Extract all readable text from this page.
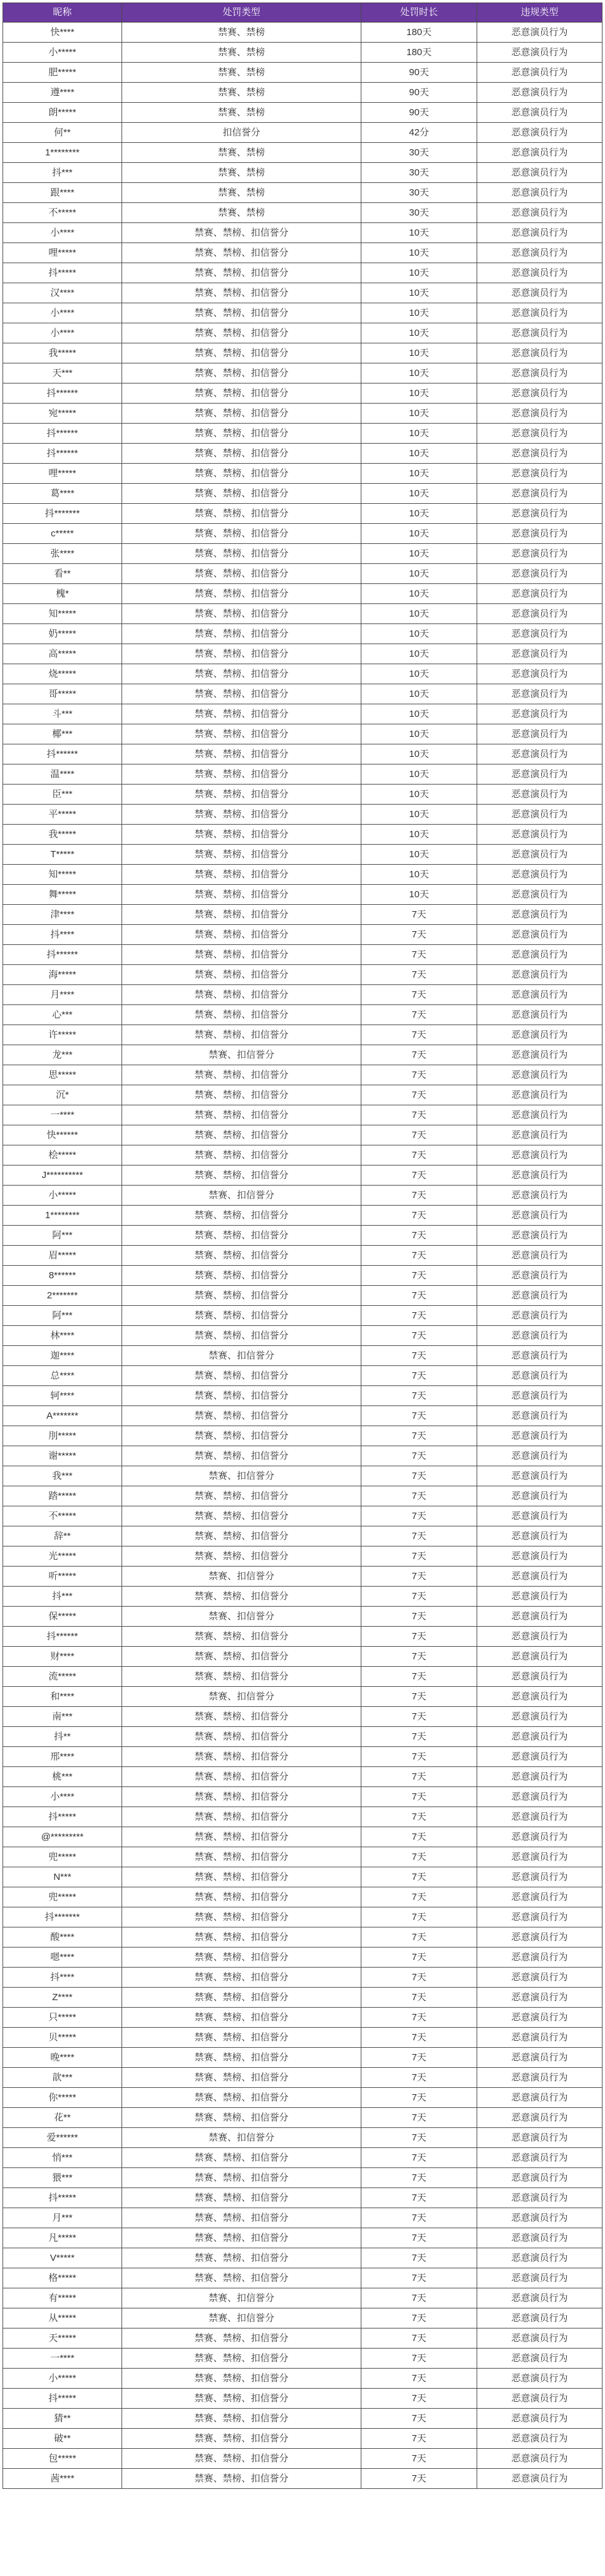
昵称	处罚类型	处罚时长	违规类型
快****	禁赛、禁榜	180天	恶意演员行为
小*****	禁赛、禁榜	180天	恶意演员行为
肥*****	禁赛、禁榜	90天	恶意演员行为
遵****	禁赛、禁榜	90天	恶意演员行为
朗*****	禁赛、禁榜	90天	恶意演员行为
何**	扣信誉分	42分	恶意演员行为
1********	禁赛、禁榜	30天	恶意演员行为
抖***	禁赛、禁榜	30天	恶意演员行为
跟****	禁赛、禁榜	30天	恶意演员行为
不*****	禁赛、禁榜	30天	恶意演员行为
小****	禁赛、禁榜、扣信誉分	10天	恶意演员行为
哩*****	禁赛、禁榜、扣信誉分	10天	恶意演员行为
抖*****	禁赛、禁榜、扣信誉分	10天	恶意演员行为
汉****	禁赛、禁榜、扣信誉分	10天	恶意演员行为
小****	禁赛、禁榜、扣信誉分	10天	恶意演员行为
小****	禁赛、禁榜、扣信誉分	10天	恶意演员行为
我*****	禁赛、禁榜、扣信誉分	10天	恶意演员行为
天***	禁赛、禁榜、扣信誉分	10天	恶意演员行为
抖******	禁赛、禁榜、扣信誉分	10天	恶意演员行为
宛*****	禁赛、禁榜、扣信誉分	10天	恶意演员行为
抖******	禁赛、禁榜、扣信誉分	10天	恶意演员行为
抖******	禁赛、禁榜、扣信誉分	10天	恶意演员行为
哩*****	禁赛、禁榜、扣信誉分	10天	恶意演员行为
葛****	禁赛、禁榜、扣信誉分	10天	恶意演员行为
抖*******	禁赛、禁榜、扣信誉分	10天	恶意演员行为
c*****	禁赛、禁榜、扣信誉分	10天	恶意演员行为
张****	禁赛、禁榜、扣信誉分	10天	恶意演员行为
看**	禁赛、禁榜、扣信誉分	10天	恶意演员行为
槐*	禁赛、禁榜、扣信誉分	10天	恶意演员行为
知*****	禁赛、禁榜、扣信誉分	10天	恶意演员行为
奶*****	禁赛、禁榜、扣信誉分	10天	恶意演员行为
高*****	禁赛、禁榜、扣信誉分	10天	恶意演员行为
烧*****	禁赛、禁榜、扣信誉分	10天	恶意演员行为
哥*****	禁赛、禁榜、扣信誉分	10天	恶意演员行为
斗***	禁赛、禁榜、扣信誉分	10天	恶意演员行为
椰***	禁赛、禁榜、扣信誉分	10天	恶意演员行为
抖******	禁赛、禁榜、扣信誉分	10天	恶意演员行为
温****	禁赛、禁榜、扣信誉分	10天	恶意演员行为
臣***	禁赛、禁榜、扣信誉分	10天	恶意演员行为
平*****	禁赛、禁榜、扣信誉分	10天	恶意演员行为
我*****	禁赛、禁榜、扣信誉分	10天	恶意演员行为
T*****	禁赛、禁榜、扣信誉分	10天	恶意演员行为
知*****	禁赛、禁榜、扣信誉分	10天	恶意演员行为
舞*****	禁赛、禁榜、扣信誉分	10天	恶意演员行为
津****	禁赛、禁榜、扣信誉分	7天	恶意演员行为
抖****	禁赛、禁榜、扣信誉分	7天	恶意演员行为
抖******	禁赛、禁榜、扣信誉分	7天	恶意演员行为
海*****	禁赛、禁榜、扣信誉分	7天	恶意演员行为
月****	禁赛、禁榜、扣信誉分	7天	恶意演员行为
心***	禁赛、禁榜、扣信誉分	7天	恶意演员行为
许*****	禁赛、禁榜、扣信誉分	7天	恶意演员行为
龙***	禁赛、扣信誉分	7天	恶意演员行为
思*****	禁赛、禁榜、扣信誉分	7天	恶意演员行为
沉*	禁赛、禁榜、扣信誉分	7天	恶意演员行为
一****	禁赛、禁榜、扣信誉分	7天	恶意演员行为
快******	禁赛、禁榜、扣信誉分	7天	恶意演员行为
桧*****	禁赛、禁榜、扣信誉分	7天	恶意演员行为
J**********	禁赛、禁榜、扣信誉分	7天	恶意演员行为
小*****	禁赛、扣信誉分	7天	恶意演员行为
1********	禁赛、禁榜、扣信誉分	7天	恶意演员行为
阿***	禁赛、禁榜、扣信誉分	7天	恶意演员行为
眉*****	禁赛、禁榜、扣信誉分	7天	恶意演员行为
8******	禁赛、禁榜、扣信誉分	7天	恶意演员行为
2*******	禁赛、禁榜、扣信誉分	7天	恶意演员行为
阿***	禁赛、禁榜、扣信誉分	7天	恶意演员行为
林****	禁赛、禁榜、扣信誉分	7天	恶意演员行为
迦****	禁赛、扣信誉分	7天	恶意演员行为
总****	禁赛、禁榜、扣信誉分	7天	恶意演员行为
轲****	禁赛、禁榜、扣信誉分	7天	恶意演员行为
A*******	禁赛、禁榜、扣信誉分	7天	恶意演员行为
刖*****	禁赛、禁榜、扣信誉分	7天	恶意演员行为
谢*****	禁赛、禁榜、扣信誉分	7天	恶意演员行为
我***	禁赛、扣信誉分	7天	恶意演员行为
踏*****	禁赛、禁榜、扣信誉分	7天	恶意演员行为
不*****	禁赛、禁榜、扣信誉分	7天	恶意演员行为
辞**	禁赛、禁榜、扣信誉分	7天	恶意演员行为
光*****	禁赛、禁榜、扣信誉分	7天	恶意演员行为
听*****	禁赛、扣信誉分	7天	恶意演员行为
抖***	禁赛、禁榜、扣信誉分	7天	恶意演员行为
保*****	禁赛、扣信誉分	7天	恶意演员行为
抖******	禁赛、禁榜、扣信誉分	7天	恶意演员行为
财****	禁赛、禁榜、扣信誉分	7天	恶意演员行为
流*****	禁赛、禁榜、扣信誉分	7天	恶意演员行为
和****	禁赛、扣信誉分	7天	恶意演员行为
南***	禁赛、禁榜、扣信誉分	7天	恶意演员行为
抖**	禁赛、禁榜、扣信誉分	7天	恶意演员行为
邢****	禁赛、禁榜、扣信誉分	7天	恶意演员行为
桃***	禁赛、禁榜、扣信誉分	7天	恶意演员行为
小****	禁赛、禁榜、扣信誉分	7天	恶意演员行为
抖*****	禁赛、禁榜、扣信誉分	7天	恶意演员行为
@*********	禁赛、禁榜、扣信誉分	7天	恶意演员行为
兜*****	禁赛、禁榜、扣信誉分	7天	恶意演员行为
N***	禁赛、禁榜、扣信誉分	7天	恶意演员行为
兜*****	禁赛、禁榜、扣信誉分	7天	恶意演员行为
抖*******	禁赛、禁榜、扣信誉分	7天	恶意演员行为
酸****	禁赛、禁榜、扣信誉分	7天	恶意演员行为
嗯****	禁赛、禁榜、扣信誉分	7天	恶意演员行为
抖****	禁赛、禁榜、扣信誉分	7天	恶意演员行为
Z****	禁赛、禁榜、扣信誉分	7天	恶意演员行为
只*****	禁赛、禁榜、扣信誉分	7天	恶意演员行为
贝*****	禁赛、禁榜、扣信誉分	7天	恶意演员行为
晚****	禁赛、禁榜、扣信誉分	7天	恶意演员行为
歆***	禁赛、禁榜、扣信誉分	7天	恶意演员行为
你*****	禁赛、禁榜、扣信誉分	7天	恶意演员行为
花**	禁赛、禁榜、扣信誉分	7天	恶意演员行为
爱******	禁赛、扣信誉分	7天	恶意演员行为
悄***	禁赛、禁榜、扣信誉分	7天	恶意演员行为
猥***	禁赛、禁榜、扣信誉分	7天	恶意演员行为
抖*****	禁赛、禁榜、扣信誉分	7天	恶意演员行为
月***	禁赛、禁榜、扣信誉分	7天	恶意演员行为
凡*****	禁赛、禁榜、扣信誉分	7天	恶意演员行为
V*****	禁赛、禁榜、扣信誉分	7天	恶意演员行为
格*****	禁赛、禁榜、扣信誉分	7天	恶意演员行为
有*****	禁赛、扣信誉分	7天	恶意演员行为
从*****	禁赛、扣信誉分	7天	恶意演员行为
天*****	禁赛、禁榜、扣信誉分	7天	恶意演员行为
一****	禁赛、禁榜、扣信誉分	7天	恶意演员行为
小*****	禁赛、禁榜、扣信誉分	7天	恶意演员行为
抖*****	禁赛、禁榜、扣信誉分	7天	恶意演员行为
猜**	禁赛、禁榜、扣信誉分	7天	恶意演员行为
破**	禁赛、禁榜、扣信誉分	7天	恶意演员行为
包*****	禁赛、禁榜、扣信誉分	7天	恶意演员行为
茜****	禁赛、禁榜、扣信誉分	7天	恶意演员行为
